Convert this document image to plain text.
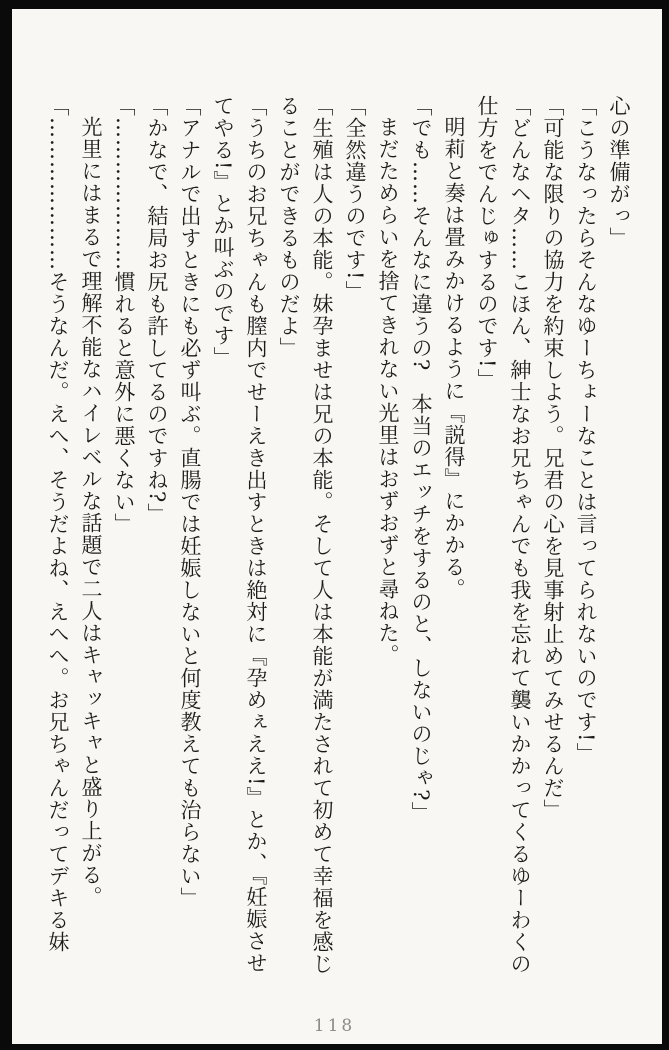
心の準備がっ」

「こうなったらそんなゆーちょーなことは言ってられないのです!」

「可能な限りの協力を約束しよう。兄君の心を見事射止めてみせるんだ」

「どんなヘタ……こほん、紳士なお兄ちゃんでも我を忘れて襲いかかってくるゆーわくの仕方をでんじゅするのです!」

明莉と奏は畳みかけるように『説得』にかかる。

「でも……そんなに違うの?　本当のエッチをするのと、しないのじゃ?」

まだためらいを捨てきれない光里はおずおずと尋ねた。

「全然違うのです!」

「生殖は人の本能。妹孕ませは兄の本能。そして人は本能が満たされて初めて幸福を感じることができるものだよ」

「うちのお兄ちゃんも膣内でせーえき出すときは絶対に『孕めぇええ!』とか、『妊娠させてやる!』とか叫ぶのです」

「アナルで出すときにも必ず叫ぶ。直腸では妊娠しないと何度教えても治らない」

「かなで、結局お尻も許してるのですね?」

「…………………慣れると意外に悪くない」

光里にはまるで理解不能なハイレベルな話題で二人はキャッキャと盛り上がる。

「…………………そうなんだ。えへ、そうだよね、えへへ。お兄ちゃんだってデキる妹

118
